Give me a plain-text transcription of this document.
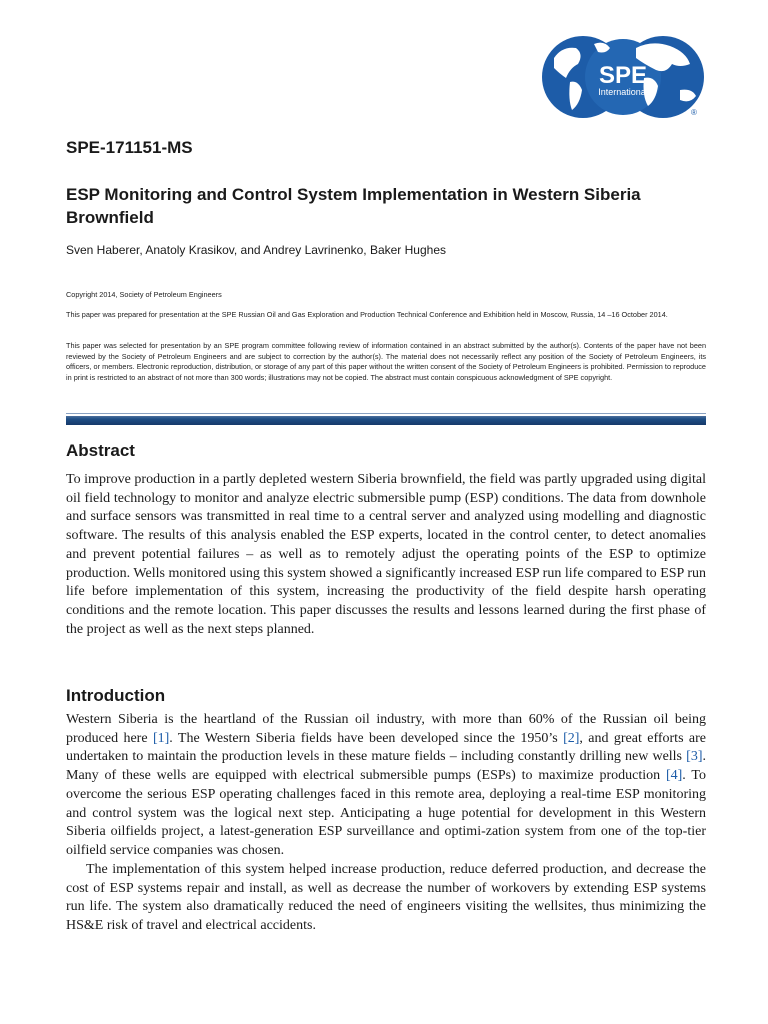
SPE
International
®
SPE-171151-MS
ESP Monitoring and Control System Implementation in Western Siberia Brownfield
Sven Haberer, Anatoly Krasikov, and Andrey Lavrinenko, Baker Hughes
Copyright 2014, Society of Petroleum Engineers
This paper was prepared for presentation at the SPE Russian Oil and Gas Exploration and Production Technical Conference and Exhibition held in Moscow, Russia, 14 –16 October 2014.
This paper was selected for presentation by an SPE program committee following review of information contained in an abstract submitted by the author(s). Contents of the paper have not been reviewed by the Society of Petroleum Engineers and are subject to correction by the author(s). The material does not necessarily reflect any position of the Society of Petroleum Engineers, its officers, or members. Electronic reproduction, distribution, or storage of any part of this paper without the written consent of the Society of Petroleum Engineers is prohibited. Permission to reproduce in print is restricted to an abstract of not more than 300 words; illustrations may not be copied. The abstract must contain conspicuous acknowledgment of SPE copyright.
Abstract

To improve production in a partly depleted western Siberia brownfield, the field was partly upgraded using digital oil field technology to monitor and analyze electric submersible pump (ESP) conditions. The data from downhole and surface sensors was transmitted in real time to a central server and analyzed using modelling and diagnostic software. The results of this analysis enabled the ESP experts, located in the control center, to detect anomalies and prevent potential failures – as well as to remotely adjust the operating points of the ESP to optimize production. Wells monitored using this system showed a significantly increased ESP run life compared to ESP run life before implementation of this system, increasing the productivity of the field despite harsh operating conditions and the remote location. This paper discusses the results and lessons learned during the first phase of the project as well as the next steps planned.

Introduction

Western Siberia is the heartland of the Russian oil industry, with more than 60% of the Russian oil being produced here [1]. The Western Siberia fields have been developed since the 1950’s [2], and great efforts are undertaken to maintain the production levels in these mature fields – including constantly drilling new wells [3]. Many of these wells are equipped with electrical submersible pumps (ESPs) to maximize production [4]. To overcome the serious ESP operating challenges faced in this remote area, deploying a real-time ESP monitoring and control system was the logical next step. Anticipating a huge potential for development in this Western Siberia oilfields project, a latest-generation ESP surveillance and optimi-zation system from one of the top-tier oilfield service companies was chosen.

The implementation of this system helped increase production, reduce deferred production, and decrease the cost of ESP systems repair and install, as well as decrease the number of workovers by extending ESP systems run life. The system also dramatically reduced the need of engineers visiting the wellsites, thus minimizing the HS&E risk of travel and electrical accidents.
